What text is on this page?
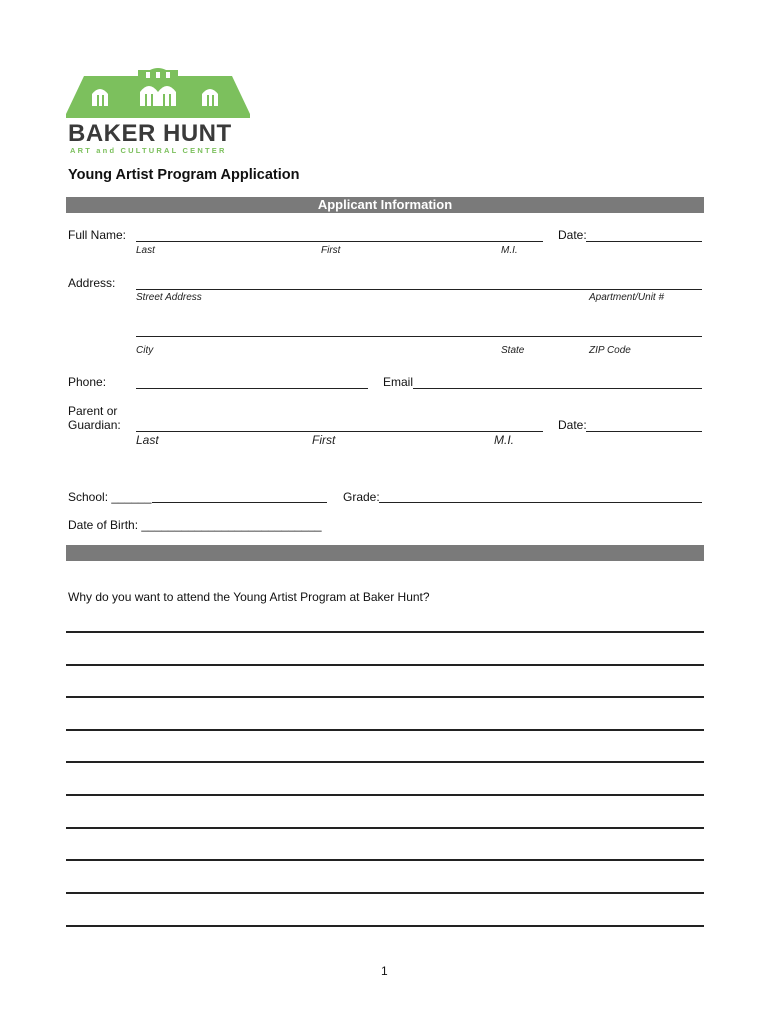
BAKER HUNT
ART and CULTURAL CENTER
Young Artist Program Application
Applicant Information
Full Name:	Date:
Last	First	M.I.
Address:
Street Address	Apartment/Unit #
City	State	ZIP Code
Phone:	Email
Parent or
Guardian:	Date:
Last	First	M.I.
School: ______	Grade:
Date of Birth: ___________________________
Why do you want to attend the Young Artist Program at Baker Hunt?
1
